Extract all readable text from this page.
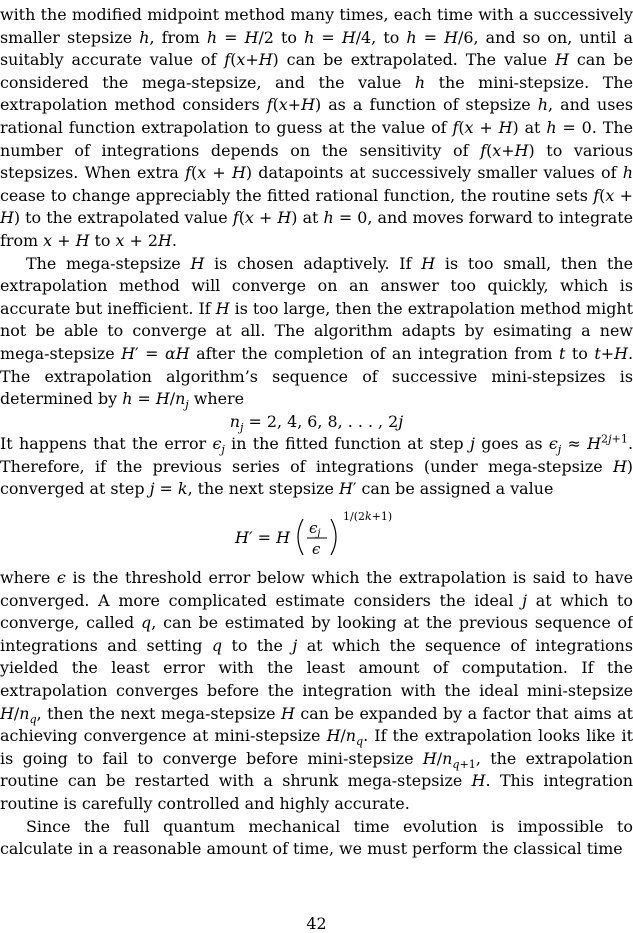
with the modified midpoint method many times, each time with a successively smaller stepsize h, from h = H/2 to h = H/4, to h = H/6, and so on, until a suitably accurate value of f(x+H) can be extrapolated. The value H can be considered the mega-stepsize, and the value h the mini-stepsize. The extrapolation method considers f(x+H) as a function of stepsize h, and uses rational function extrapolation to guess at the value of f(x + H) at h = 0. The number of integrations depends on the sensitivity of f(x+H) to various stepsizes. When extra f(x + H) datapoints at successively smaller values of h cease to change appreciably the fitted rational function, the routine sets f(x + H) to the extrapolated value f(x + H) at h = 0, and moves forward to integrate from x + H to x + 2H.

The mega-stepsize H is chosen adaptively. If H is too small, then the extrapolation method will converge on an answer too quickly, which is accurate but inefficient. If H is too large, then the extrapolation method might not be able to converge at all. The algorithm adapts by esimating a new mega-stepsize H′ = αH after the completion of an integration from t to t+H. The extrapolation algorithm’s sequence of successive mini-stepsizes is determined by $h = H/n_j$ where

$n_j = 2$, 4, 6, 8, . . . , 2j

It happens that the error $\epsilon_j$ in the fitted function at step j goes as $\epsilon_j \approx H^{2j+1}$. Therefore, if the previous series of integrations (under mega-stepsize H) converged at step j = k, the next stepsize H′ can be assigned a value

H′ = H $\epsilon_j$
ϵ
1/(2k+1)

where ϵ is the threshold error below which the extrapolation is said to have converged. A more complicated estimate considers the ideal j at which to converge, called q, can be estimated by looking at the previous sequence of integrations and setting q to the j at which the sequence of integrations yielded the least error with the least amount of computation. If the extrapolation converges before the integration with the ideal mini-stepsize $H/n_q$, then the next mega-stepsize H can be expanded by a factor that aims at achieving convergence at mini-stepsize $H/n_q$. If the extrapolation looks like it is going to fail to converge before mini-stepsize $H/n_{q+1}$, the extrapolation routine can be restarted with a shrunk mega-stepsize H. This integration routine is carefully controlled and highly accurate.

Since the full quantum mechanical time evolution is impossible to calculate in a reasonable amount of time, we must perform the classical time

42
